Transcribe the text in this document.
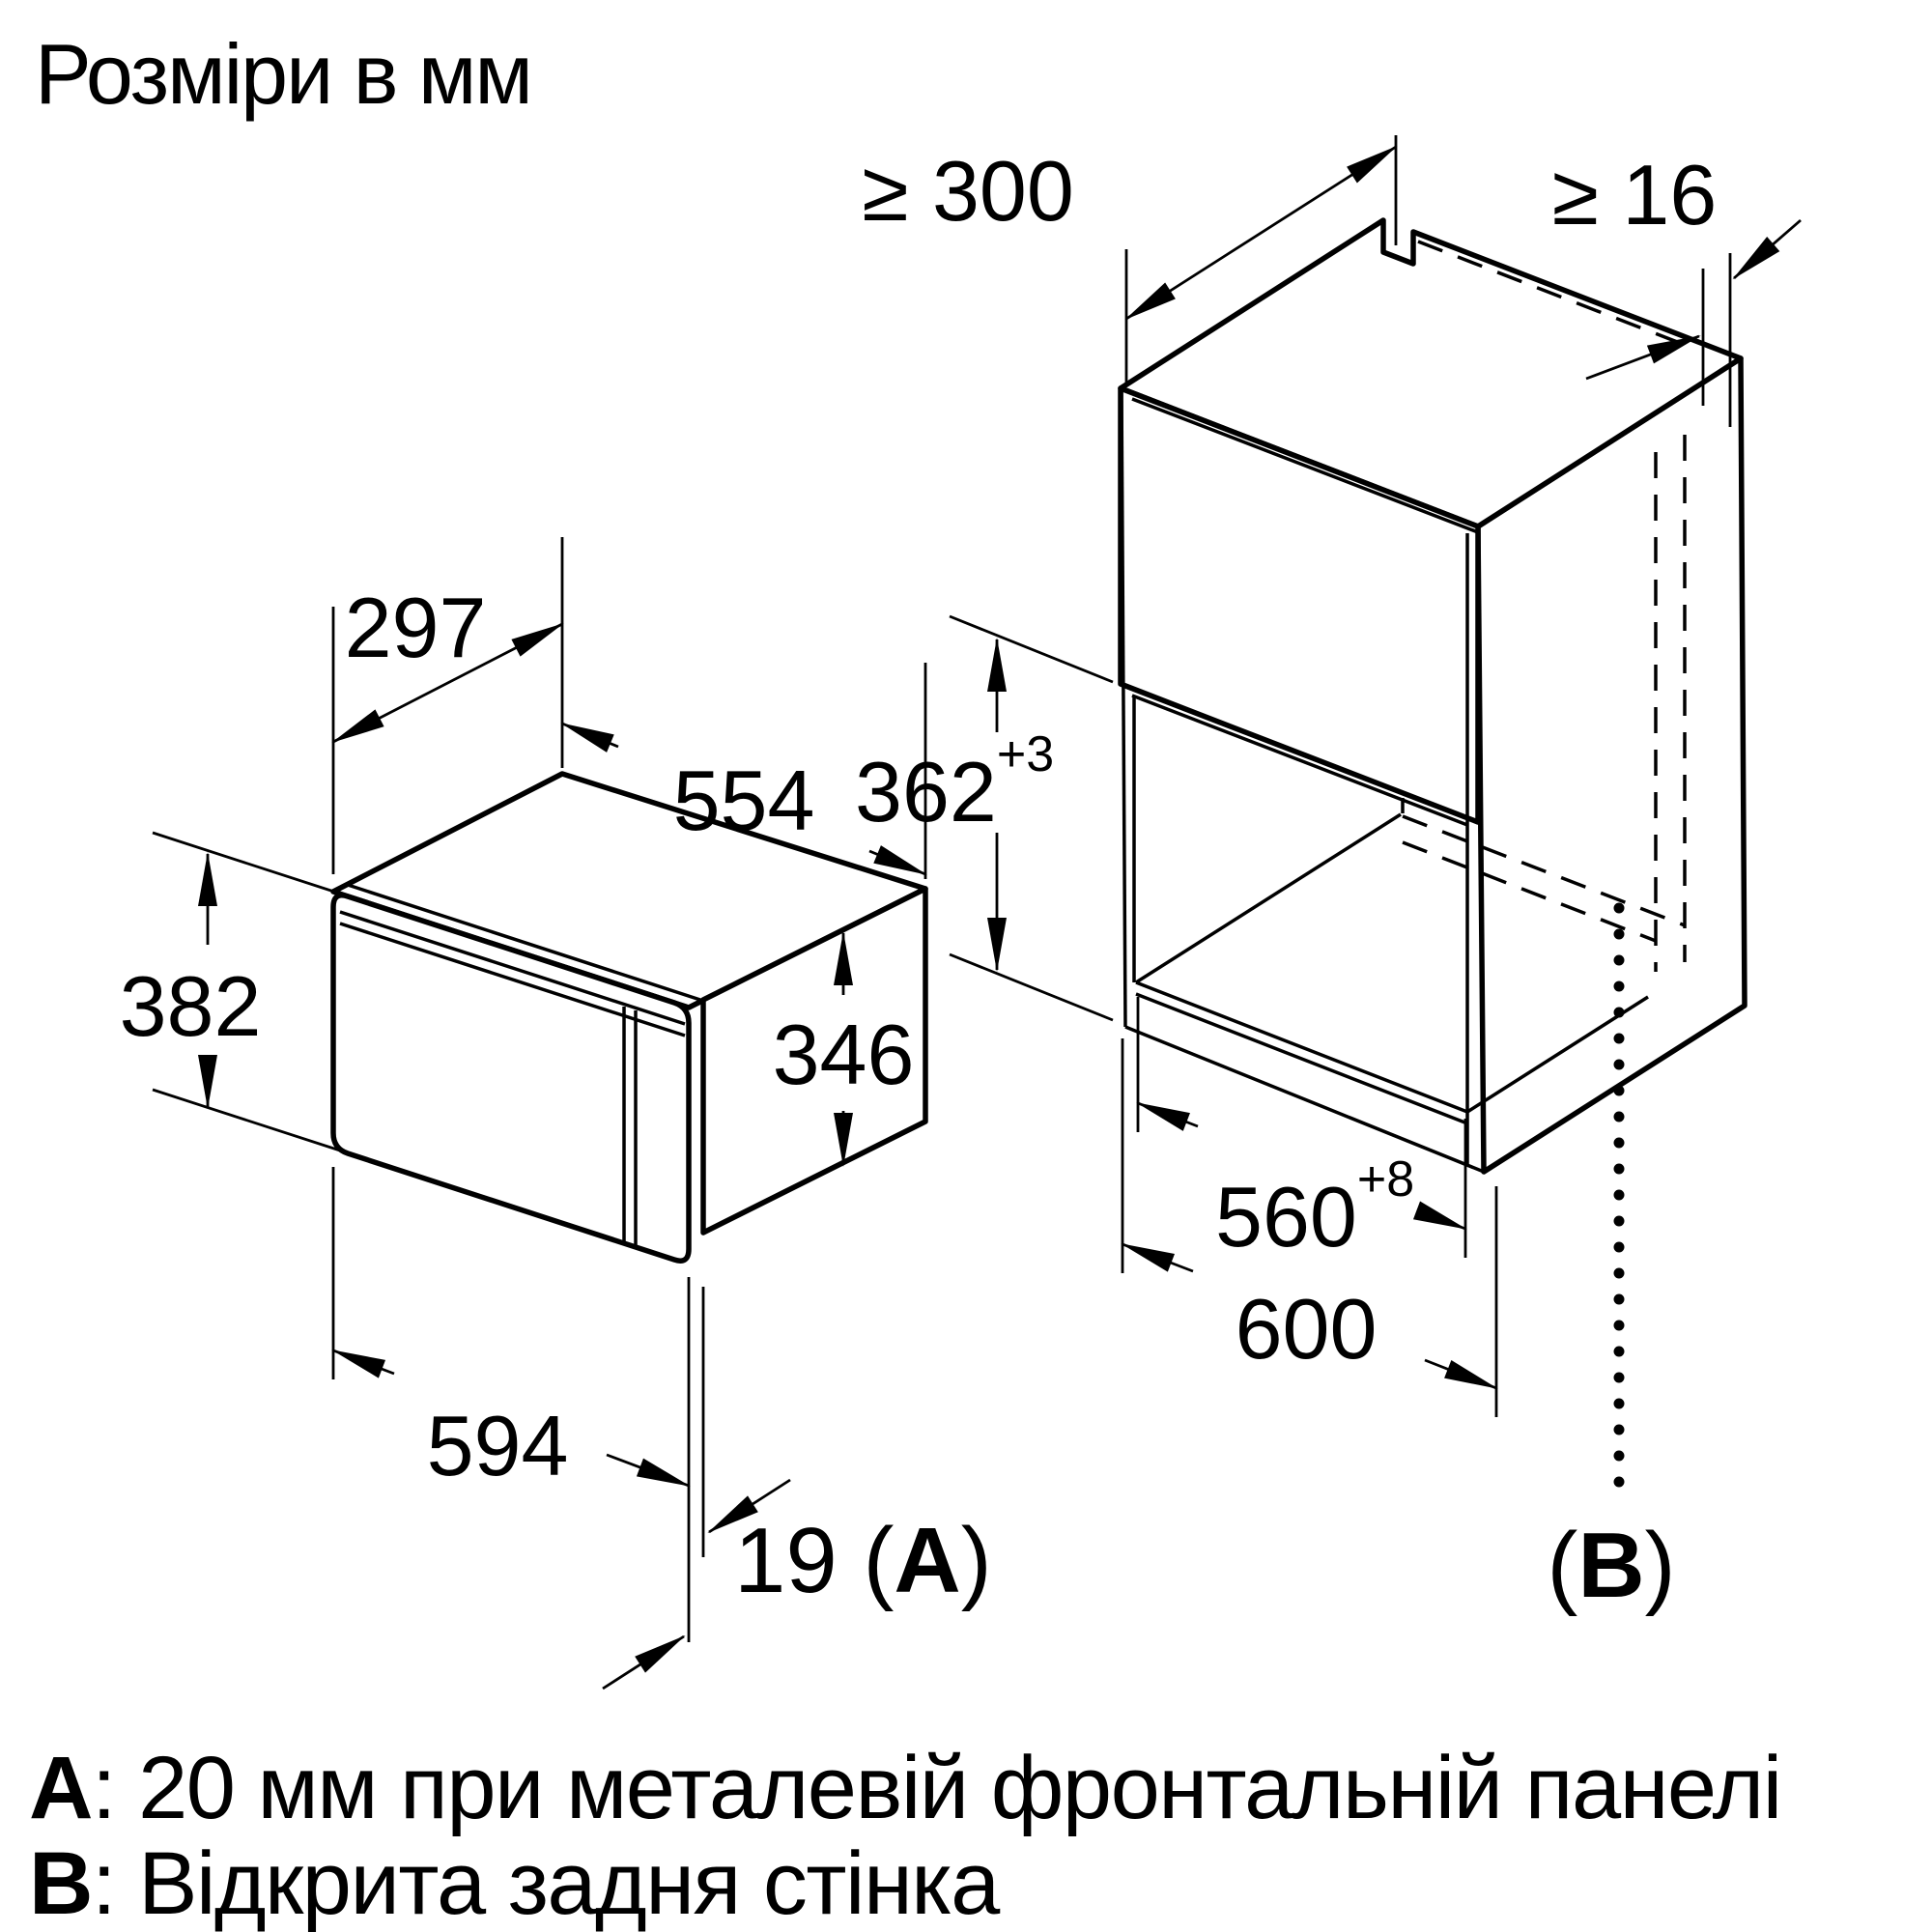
Розміри в мм
382
297
554
346
594
19 (A)
≥ 300	≥ 16
$362^{+3}$
$560^{+8}$
600
(B)
A: 20 мм при металевій фронтальній панелі
B: Відкрита задня стінка
